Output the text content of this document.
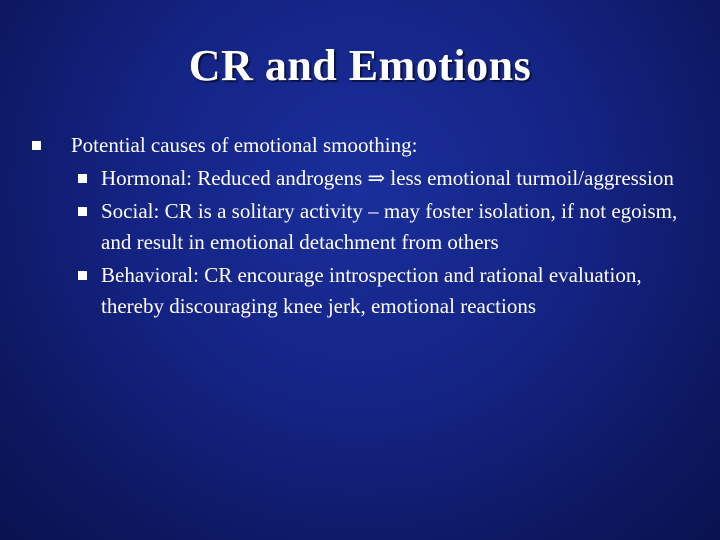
CR and Emotions
Potential causes of emotional smoothing:
Hormonal: Reduced androgens ⇒ less emotional turmoil/aggression
Social: CR is a solitary activity – may foster isolation, if not egoism, and result in emotional detachment from others
Behavioral: CR encourage introspection and rational evaluation, thereby discouraging knee jerk, emotional reactions
